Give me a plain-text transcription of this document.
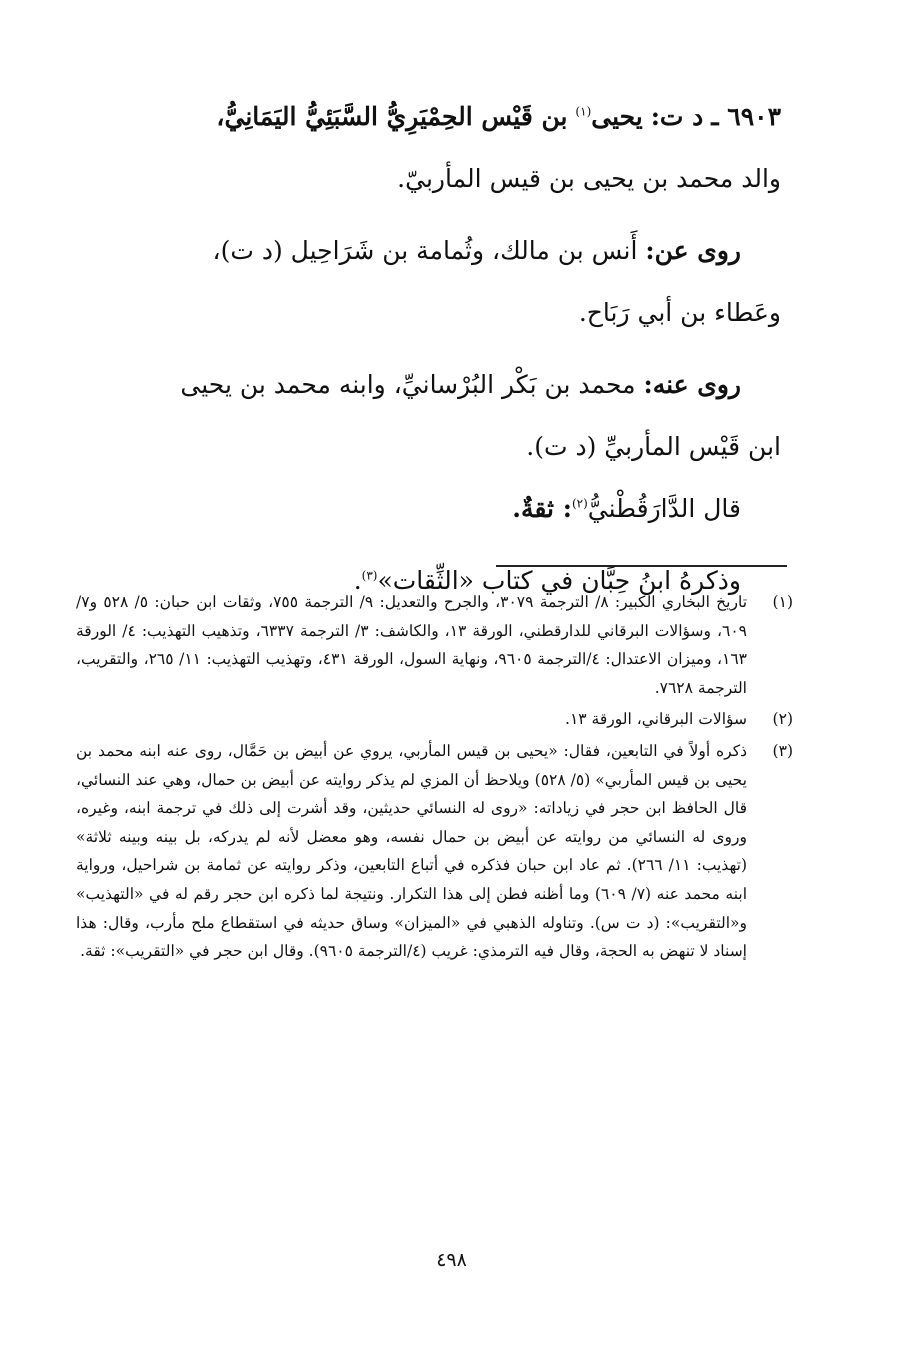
٦٩٠٣ ـ د ت: يحيى$^{(١)}$ بن قَيْس الحِمْيَرِيُّ السَّبَئِيُّ اليَمَانِيُّ،

والد محمد بن يحيى بن قيس المأربيّ.

روى عن: أَنس بن مالك، وثُمامة بن شَرَاحِيل (د ت)،

وعَطاء بن أبي رَبَاح.

روى عنه: محمد بن بَكْر البُرْسانيِّ، وابنه محمد بن يحيى

ابن قَيْس المأربيِّ (د ت).

قال الدَّارَقُطْنيُّ$^{(٢)}$: ثقةٌ.

وذكرهُ ابنُ حِبَّان في كتاب «الثِّقات»$^{(٣)}$.

(١)
تاريخ البخاري الكبير: ٨/ الترجمة ٣٠٧٩، والجرح والتعديل: ٩/ الترجمة ٧٥٥، وثقات ابن حبان: ٥/ ٥٢٨ و٧/ ٦٠٩، وسؤالات البرقاني للدارقطني، الورقة ١٣، والكاشف: ٣/ الترجمة ٦٣٣٧، وتذهيب التهذيب: ٤/ الورقة ١٦٣، وميزان الاعتدال: ٤/الترجمة ٩٦٠٥، ونهاية السول، الورقة ٤٣١، وتهذيب التهذيب: ١١/ ٢٦٥، والتقريب، الترجمة ٧٦٢٨.
(٢)
سؤالات البرقاني، الورقة ١٣.
(٣)
ذكره أولاً في التابعين، فقال: «يحيى بن قيس المأربي، يروي عن أبيض بن حَمَّال، روى عنه ابنه محمد بن يحيى بن قيس المأربي» (٥/ ٥٢٨) ويلاحظ أن المزي لم يذكر روايته عن أبيض بن حمال، وهي عند النسائي، قال الحافظ ابن حجر في زياداته: «روى له النسائي حديثين، وقد أشرت إلى ذلك في ترجمة ابنه، وغيره، وروى له النسائي من روايته عن أبيض بن حمال نفسه، وهو معضل لأنه لم يدركه، بل بينه وبينه ثلاثة» (تهذيب: ١١/ ٢٦٦). ثم عاد ابن حبان فذكره في أتباع التابعين، وذكر روايته عن ثمامة بن شراحيل، ورواية ابنه محمد عنه (٧/ ٦٠٩) وما أظنه فطن إلى هذا التكرار. ونتيجة لما ذكره ابن حجر رقم له في «التهذيب» و«التقريب»: (د ت س). وتناوله الذهبي في «الميزان» وساق حديثه في استقطاع ملح مأرب، وقال: هذا إسناد لا تنهض به الحجة، وقال فيه الترمذي: غريب (٤/الترجمة ٩٦٠٥). وقال ابن حجر في «التقريب»: ثقة.
٤٩٨
